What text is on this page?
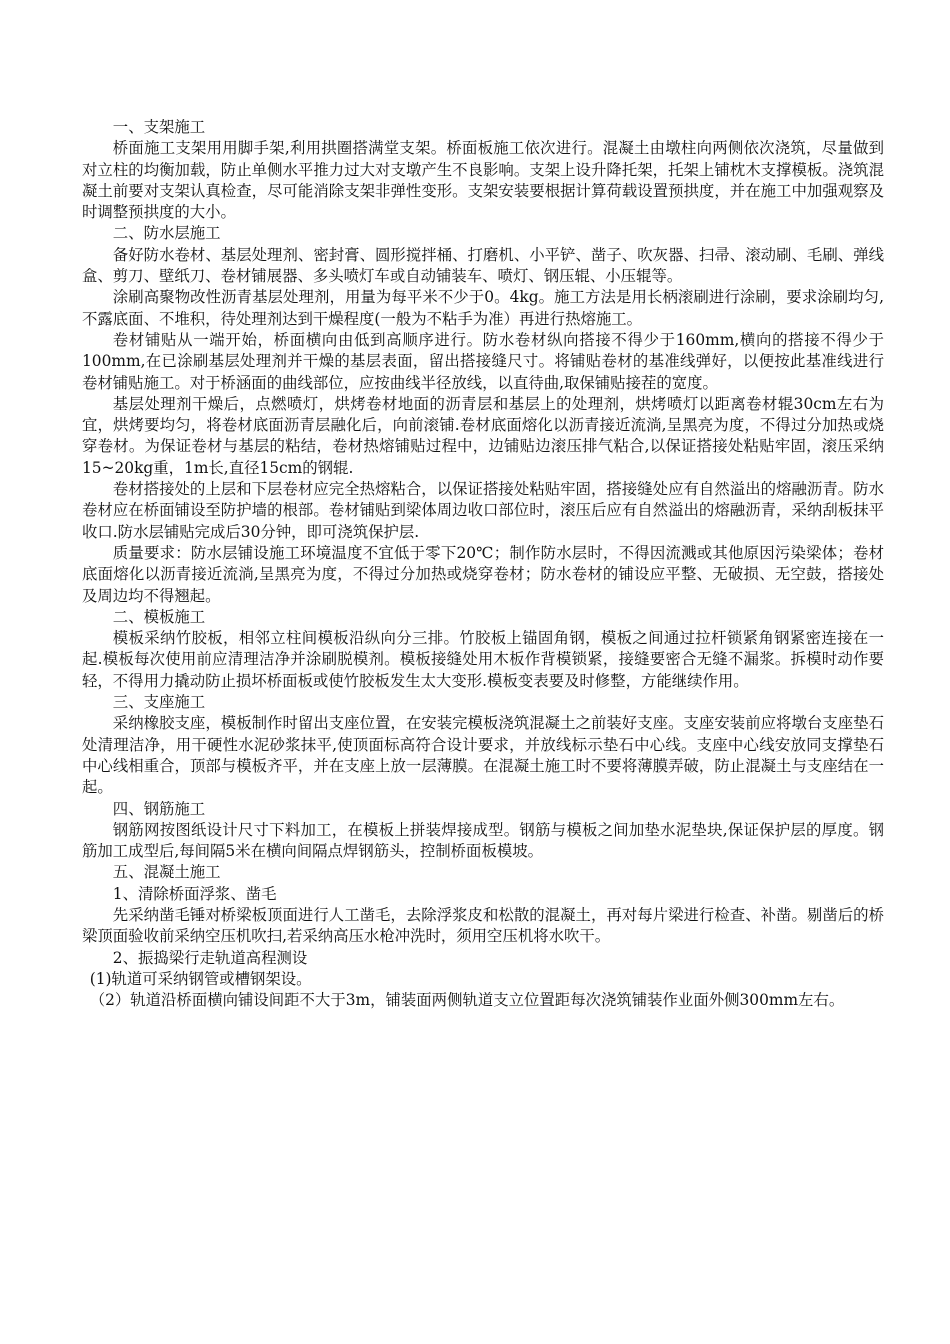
一、支架施工

桥面施工支架用用脚手架,利用拱圈搭满堂支架。桥面板施工依次进行。混凝土由墩柱向两侧依次浇筑，尽量做到对立柱的均衡加载，防止单侧水平推力过大对支墩产生不良影响。支架上设升降托架，托架上铺枕木支撑模板。浇筑混凝土前要对支架认真检查，尽可能消除支架非弹性变形。支架安装要根据计算荷载设置预拱度，并在施工中加强观察及时调整预拱度的大小。

二、防水层施工

备好防水卷材、基层处理剂、密封膏、圆形搅拌桶、打磨机、小平铲、凿子、吹灰器、扫帚、滚动刷、毛刷、弹线盒、剪刀、壁纸刀、卷材铺展器、多头喷灯车或自动铺装车、喷灯、钢压辊、小压辊等。

涂刷高聚物改性沥青基层处理剂，用量为每平米不少于0。4kg。施工方法是用长柄滚刷进行涂刷，要求涂刷均匀,不露底面、不堆积，待处理剂达到干燥程度(一般为不粘手为准）再进行热熔施工。

卷材铺贴从一端开始，桥面横向由低到高顺序进行。防水卷材纵向搭接不得少于160mm,横向的搭接不得少于100mm,在已涂刷基层处理剂并干燥的基层表面，留出搭接缝尺寸。将铺贴卷材的基准线弹好，以便按此基准线进行卷材铺贴施工。对于桥涵面的曲线部位，应按曲线半径放线，以直待曲,取保铺贴接茬的宽度。

基层处理剂干燥后，点燃喷灯，烘烤卷材地面的沥青层和基层上的处理剂，烘烤喷灯以距离卷材辊30cm左右为宜，烘烤要均匀，将卷材底面沥青层融化后，向前滚铺.卷材底面熔化以沥青接近流淌,呈黑亮为度，不得过分加热或烧穿卷材。为保证卷材与基层的粘结，卷材热熔铺贴过程中，边铺贴边滚压排气粘合,以保证搭接处粘贴牢固，滚压采纳15~20kg重，1m长,直径15cm的钢辊.

卷材搭接处的上层和下层卷材应完全热熔粘合，以保证搭接处粘贴牢固，搭接缝处应有自然溢出的熔融沥青。防水卷材应在桥面铺设至防护墙的根部。卷材铺贴到梁体周边收口部位时，滚压后应有自然溢出的熔融沥青，采纳刮板抹平收口.防水层铺贴完成后30分钟，即可浇筑保护层.

质量要求：防水层铺设施工环境温度不宜低于零下20℃；制作防水层时，不得因流溅或其他原因污染梁体；卷材底面熔化以沥青接近流淌,呈黑亮为度，不得过分加热或烧穿卷材；防水卷材的铺设应平整、无破损、无空鼓，搭接处及周边均不得翘起。

二、模板施工

模板采纳竹胶板，相邻立柱间模板沿纵向分三排。竹胶板上锚固角钢，模板之间通过拉杆锁紧角钢紧密连接在一起.模板每次使用前应清理洁净并涂刷脱模剂。模板接缝处用木板作背模锁紧，接缝要密合无缝不漏浆。拆模时动作要轻，不得用力撬动防止损坏桥面板或使竹胶板发生太大变形.模板变表要及时修整，方能继续作用。

三、支座施工

采纳橡胶支座，模板制作时留出支座位置，在安装完模板浇筑混凝土之前装好支座。支座安装前应将墩台支座垫石处清理洁净，用干硬性水泥砂浆抹平,使顶面标高符合设计要求，并放线标示垫石中心线。支座中心线安放同支撑垫石中心线相重合，顶部与模板齐平，并在支座上放一层薄膜。在混凝土施工时不要将薄膜弄破，防止混凝土与支座结在一起。

四、钢筋施工

钢筋网按图纸设计尺寸下料加工，在模板上拼装焊接成型。钢筋与模板之间加垫水泥垫块,保证保护层的厚度。钢筋加工成型后,每间隔5米在横向间隔点焊钢筋头，控制桥面板模坡。

五、混凝土施工

1、清除桥面浮浆、凿毛

先采纳凿毛锤对桥梁板顶面进行人工凿毛，去除浮浆皮和松散的混凝土，再对每片梁进行检查、补凿。剔凿后的桥梁顶面验收前采纳空压机吹扫,若采纳高压水枪冲洗时，须用空压机将水吹干。

2、振捣梁行走轨道高程测设

(1)轨道可采纳钢管或槽钢架设。

（2）轨道沿桥面横向铺设间距不大于3m，铺装面两侧轨道支立位置距每次浇筑铺装作业面外侧300mm左右。
